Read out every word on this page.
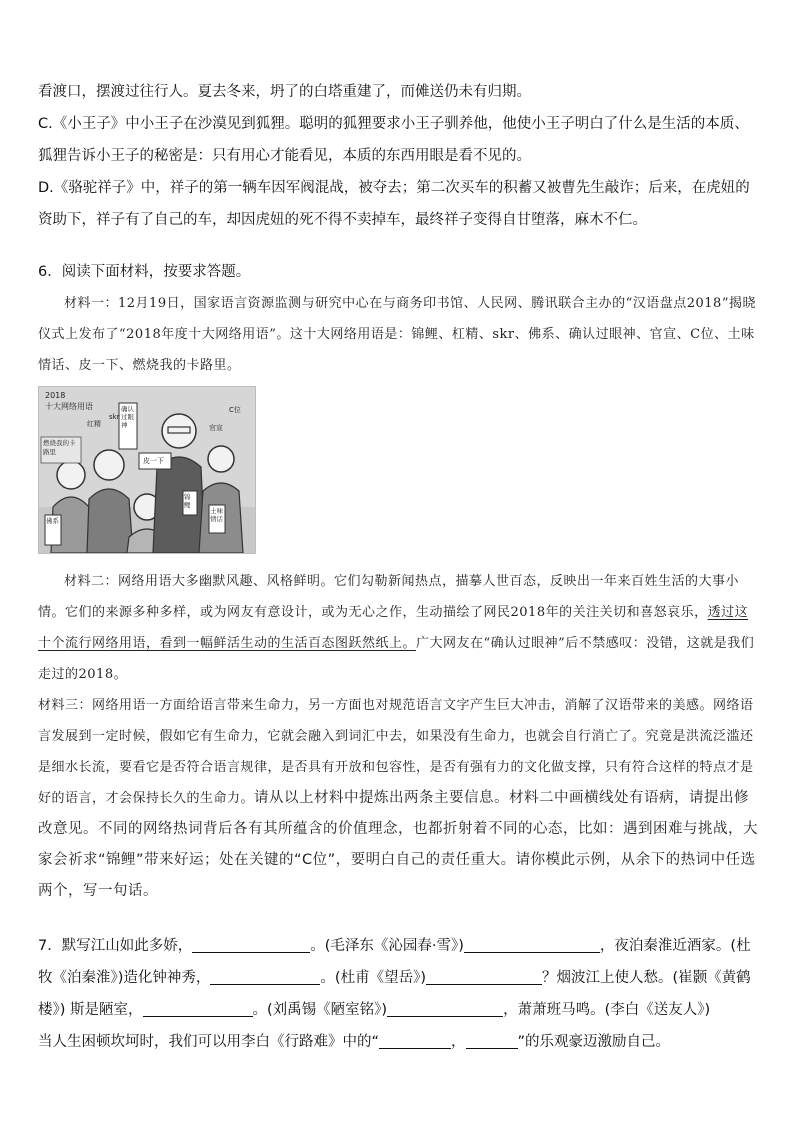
看渡口，摆渡过往行人。夏去冬来，坍了的白塔重建了，而傩送仍未有归期。

C.《小王子》中小王子在沙漠见到狐狸。聪明的狐狸要求小王子驯养他，他使小王子明白了什么是生活的本质、狐狸告诉小王子的秘密是：只有用心才能看见，本质的东西用眼是看不见的。

D.《骆驼祥子》中，祥子的第一辆车因军阀混战，被夺去；第二次买车的积蓄又被曹先生敲诈；后来，在虎妞的资助下，祥子有了自己的车，却因虎妞的死不得不卖掉车，最终祥子变得自甘堕落，麻木不仁。

6．阅读下面材料，按要求答题。

材料一：12月19日，国家语言资源监测与研究中心在与商务印书馆、人民网、腾讯联合主办的“汉语盘点2018”揭晓仪式上发布了“2018年度十大网络用语”。这十大网络用语是：锦鲤、杠精、skr、佛系、确认过眼神、官宣、C位、土味情话、皮一下、燃烧我的卡路里。

2018
十大网络用语	确认过眼神
红精
skr
C位
官宣
燃烧我的卡路里
皮一下
佛系
锦鲤
土味情话

材料二：网络用语大多幽默风趣、风格鲜明。它们勾勒新闻热点，描摹人世百态，反映出一年来百姓生活的大事小情。它们的来源多种多样，或为网友有意设计，或为无心之作，生动描绘了网民2018年的关注关切和喜怒哀乐，透过这十个流行网络用语，看到一幅鲜活生动的生活百态图跃然纸上。广大网友在“确认过眼神”后不禁感叹：没错，这就是我们走过的2018。

材料三：网络用语一方面给语言带来生命力，另一方面也对规范语言文字产生巨大冲击，消解了汉语带来的美感。网络语言发展到一定时候，假如它有生命力，它就会融入到词汇中去，如果没有生命力，也就会自行消亡了。究竟是洪流泛滥还是细水长流，要看它是否符合语言规律，是否具有开放和包容性，是否有强有力的文化做支撑，只有符合这样的特点才是好的语言，才会保持长久的生命力。请从以上材料中提炼出两条主要信息。材料二中画横线处有语病，请提出修改意见。不同的网络热词背后各有其所蕴含的价值理念，也都折射着不同的心态，比如：遇到困难与挑战，大家会祈求“锦鲤”带来好运；处在关键的“C位”，要明白自己的责任重大。请你模此示例，从余下的热词中任选两个，写一句话。

7．默写江山如此多娇，	。(毛泽东《沁园春·雪》)	，夜泊秦淮近酒家。(杜牧《泊秦淮》)造化钟神秀，	。(杜甫《望岳》)	？烟波江上使人愁。(崔颢《黄鹤楼》) 斯是陋室，	。(刘禹锡《陋室铭》)	，萧萧班马鸣。(李白《送友人》)
当人生困顿坎坷时，我们可以用李白《行路难》中的“	，	”的乐观豪迈激励自己。
